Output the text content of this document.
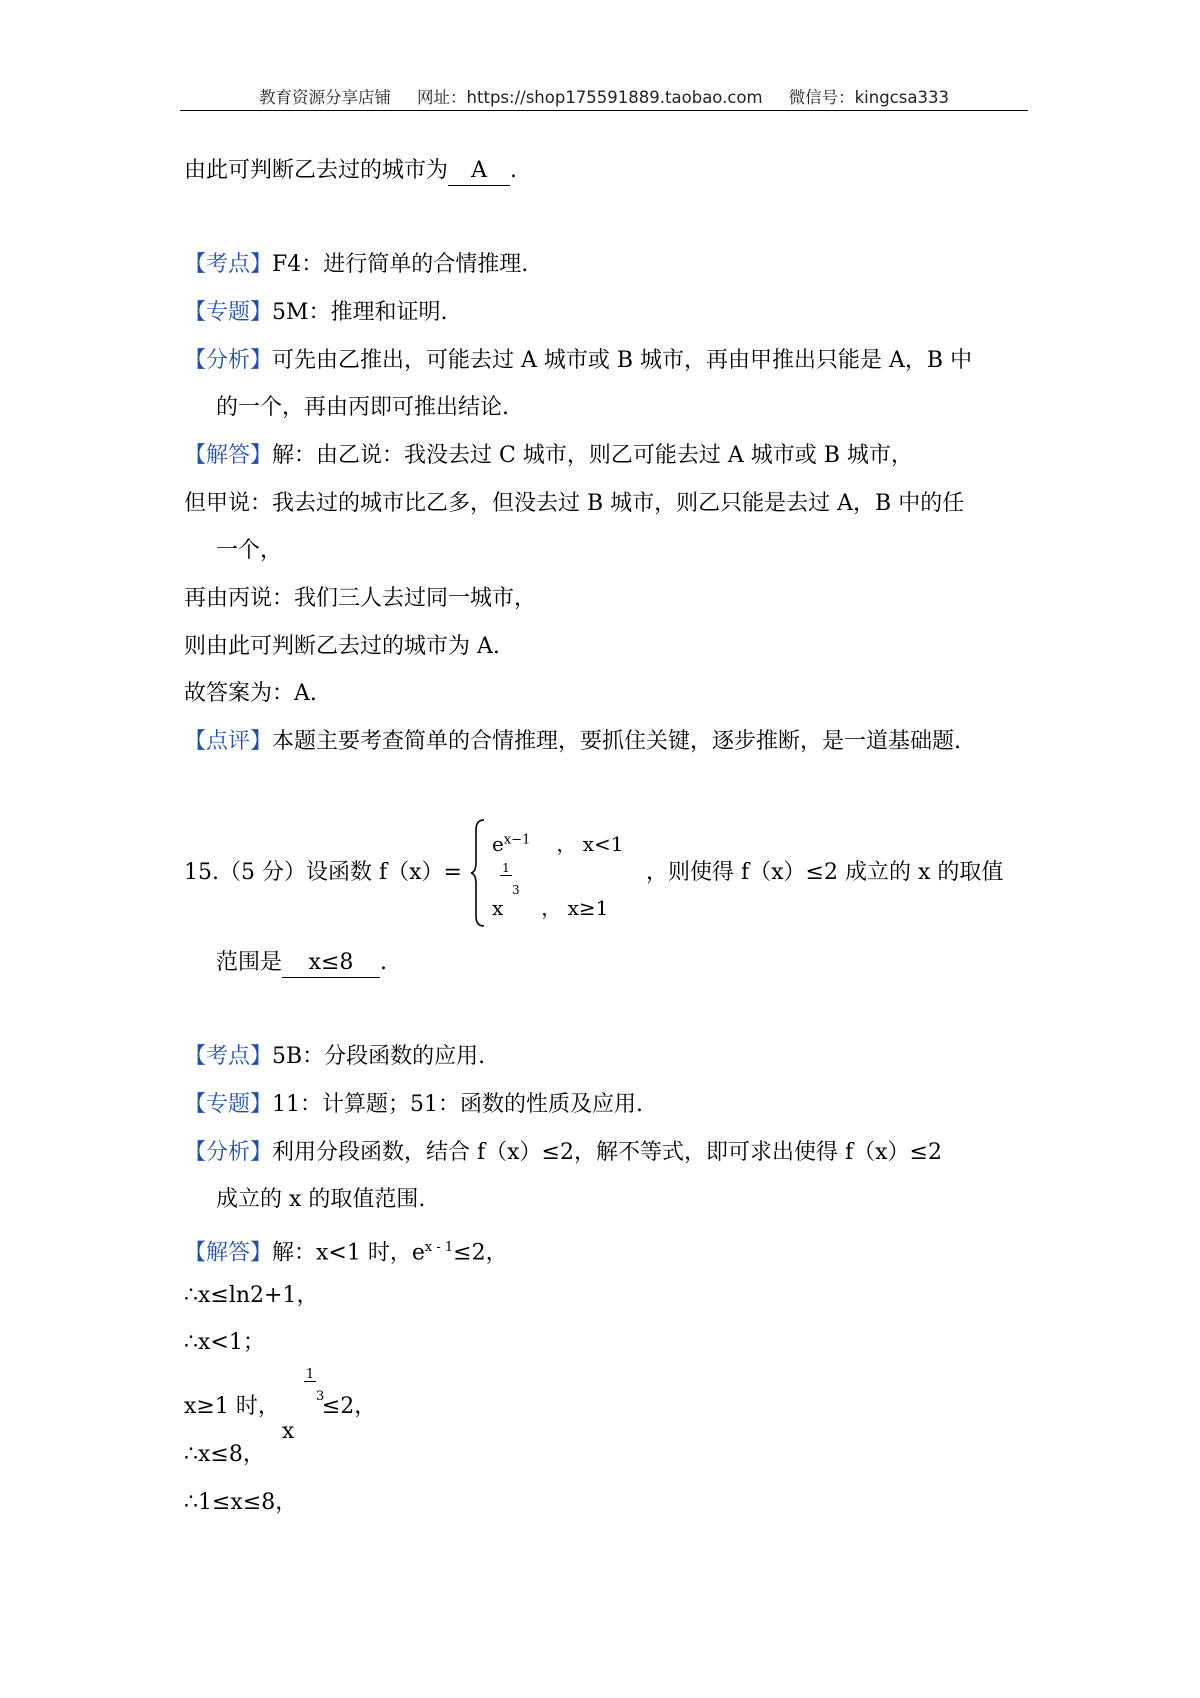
教育资源分享店铺 网址：https://shop175591889.taobao.com 微信号：kingcsa333
由此可判断乙去过的城市为 A .
【考点】F4：进行简单的合情推理.
【专题】5M：推理和证明.
【分析】可先由乙推出，可能去过 A 城市或 B 城市，再由甲推出只能是 A，B 中
的一个，再由丙即可推出结论.
【解答】解：由乙说：我没去过 C 城市，则乙可能去过 A 城市或 B 城市，
但甲说：我去过的城市比乙多，但没去过 B 城市，则乙只能是去过 A，B 中的任
一个，
再由丙说：我们三人去过同一城市，
则由此可判断乙去过的城市为 A.
故答案为：A.
【点评】本题主要考查简单的合情推理，要抓住关键，逐步推断，是一道基础题.
15.（5 分）设函数 f（x）=
$e^{x-1}$ ， x<1
1
3
x ， x≥1
，则使得 f（x）≤2 成立的 x 的取值
范围是 x≤8 .
【考点】5B：分段函数的应用.
【专题】11：计算题；51：函数的性质及应用.
【分析】利用分段函数，结合 f（x）≤2，解不等式，即可求出使得 f（x）≤2
成立的 x 的取值范围.
【解答】解：x<1 时，$e^{x - 1}\le 2$，
∴x≤ln2+1，
∴x<1；
x≥1 时，
x
≤2，
1
3
∴x≤8，
∴1≤x≤8，
